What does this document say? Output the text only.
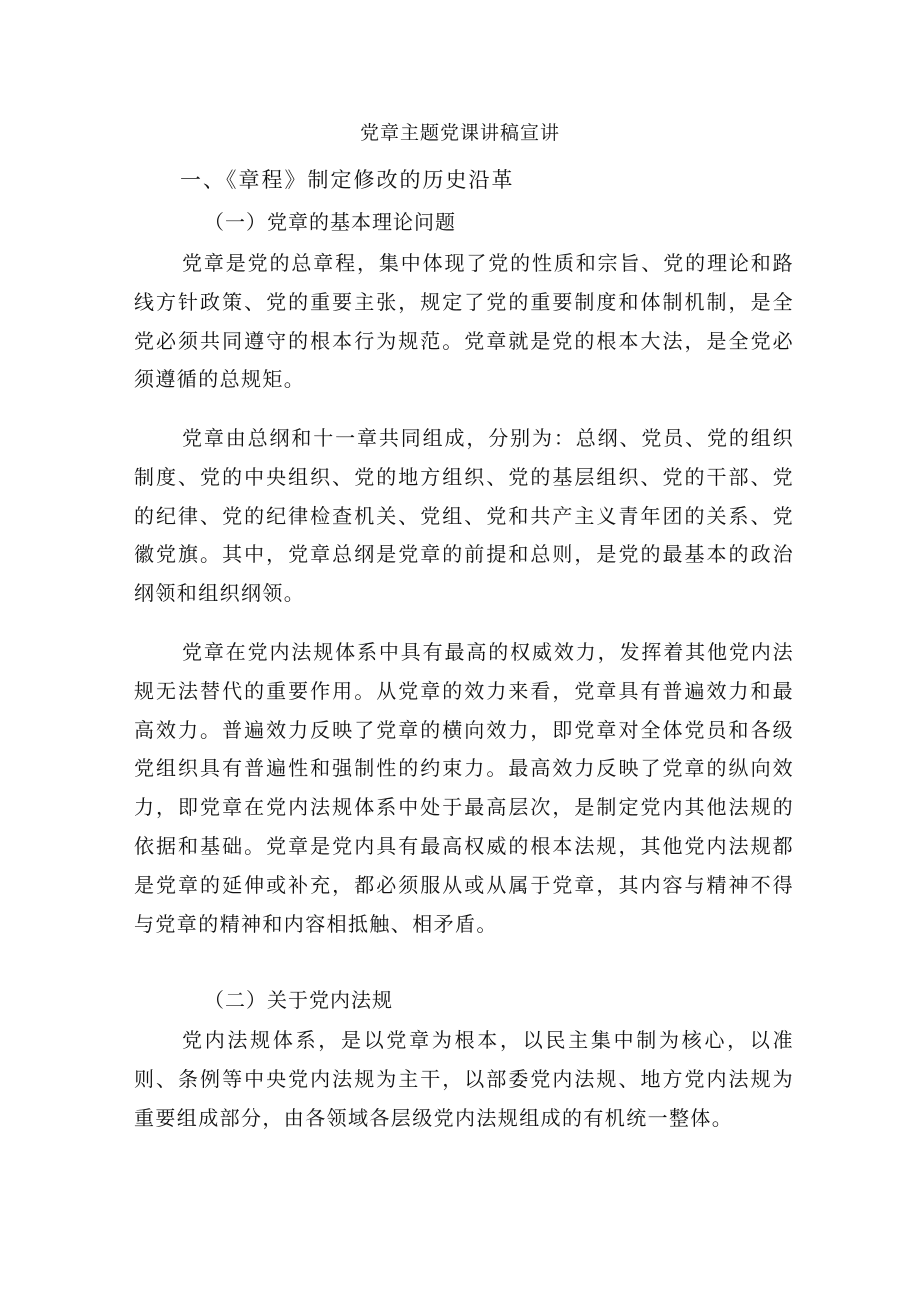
党章主题党课讲稿宣讲
一、《章程》制定修改的历史沿革
（一）党章的基本理论问题

党章是党的总章程，集中体现了党的性质和宗旨、党的理论和路线方针政策、党的重要主张，规定了党的重要制度和体制机制，是全党必须共同遵守的根本行为规范。党章就是党的根本大法，是全党必须遵循的总规矩。

党章由总纲和十一章共同组成，分别为：总纲、党员、党的组织制度、党的中央组织、党的地方组织、党的基层组织、党的干部、党的纪律、党的纪律检查机关、党组、党和共产主义青年团的关系、党徽党旗。其中，党章总纲是党章的前提和总则，是党的最基本的政治纲领和组织纲领。

党章在党内法规体系中具有最高的权威效力，发挥着其他党内法规无法替代的重要作用。从党章的效力来看，党章具有普遍效力和最高效力。普遍效力反映了党章的横向效力，即党章对全体党员和各级党组织具有普遍性和强制性的约束力。最高效力反映了党章的纵向效力，即党章在党内法规体系中处于最高层次，是制定党内其他法规的依据和基础。党章是党内具有最高权威的根本法规，其他党内法规都是党章的延伸或补充，都必须服从或从属于党章，其内容与精神不得与党章的精神和内容相抵触、相矛盾。

（二）关于党内法规

党内法规体系，是以党章为根本，以民主集中制为核心，以准则、条例等中央党内法规为主干，以部委党内法规、地方党内法规为重要组成部分，由各领域各层级党内法规组成的有机统一整体。
